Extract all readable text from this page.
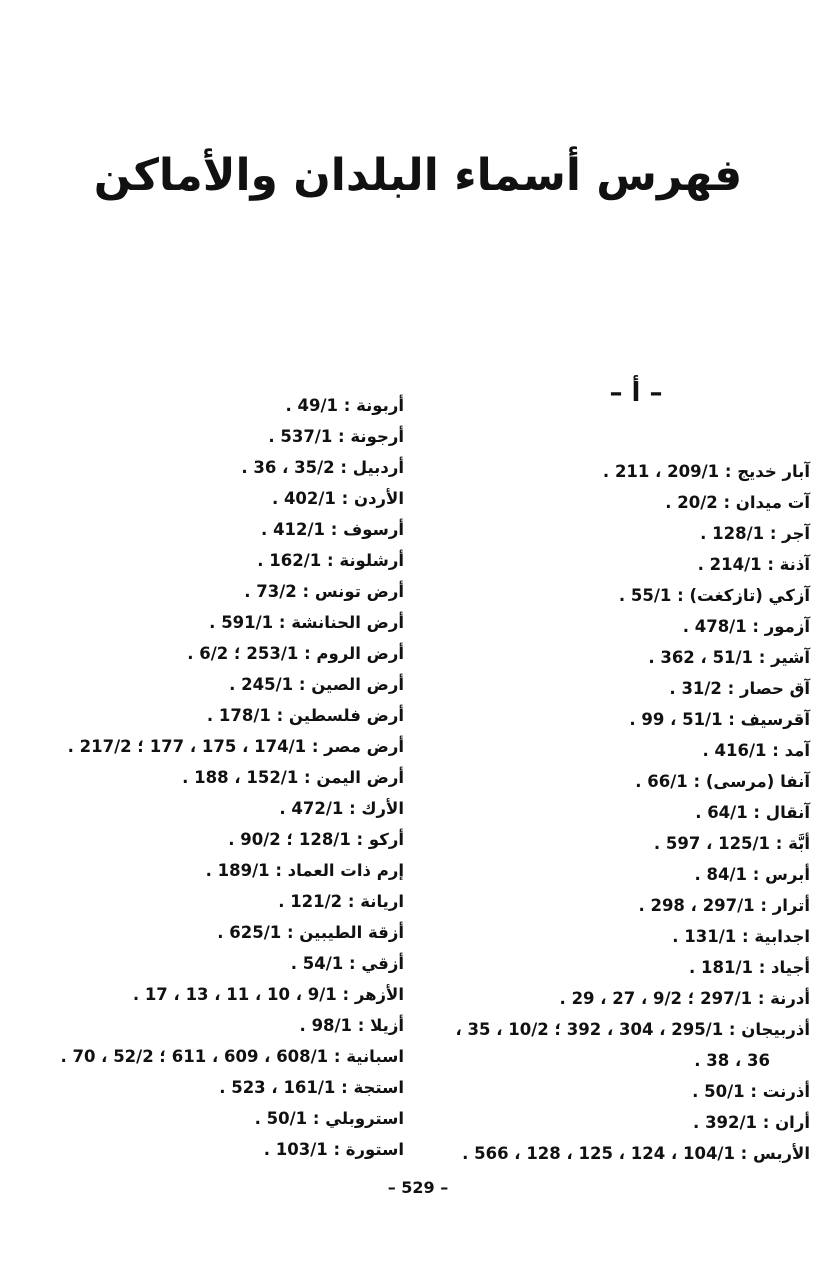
فهرس أسماء البلدان والأماكن
– أ –
آبار خديج : 209/1 ، 211 .
آت ميدان : 20/2 .
آجر : 128/1 .
آذنة : 214/1 .
آزكي (تازكغت) : 55/1 .
آزمور : 478/1 .
آشير : 51/1 ، 362 .
آق حصار : 31/2 .
آقرسيف : 51/1 ، 99 .
آمد : 416/1 .
آنفا (مرسى) : 66/1 .
آنقال : 64/1 .
أبَّة : 125/1 ، 597 .
أبرس : 84/1 .
أترار : 297/1 ، 298 .
اجدابية : 131/1 .
أجياد : 181/1 .
أدرنة : 297/1 ؛ 9/2 ، 27 ، 29 .
أذربيجان : 295/1 ، 304 ، 392 ؛ 10/2 ، 35 ،
36 ، 38 .
أذرنت : 50/1 .
أران : 392/1 .
الأربس : 104/1 ، 124 ، 125 ، 128 ، 566 .
أربونة : 49/1 .
أرجونة : 537/1 .
أردبيل : 35/2 ، 36 .
الأردن : 402/1 .
أرسوف : 412/1 .
أرشلونة : 162/1 .
أرض تونس : 73/2 .
أرض الحنانشة : 591/1 .
أرض الروم : 253/1 ؛ 6/2 .
أرض الصين : 245/1 .
أرض فلسطين : 178/1 .
أرض مصر : 174/1 ، 175 ، 177 ؛ 217/2 .
أرض اليمن : 152/1 ، 188 .
الأرك : 472/1 .
أركو : 128/1 ؛ 90/2 .
إرم ذات العماد : 189/1 .
اريانة : 121/2 .
أزقة الطيبين : 625/1 .
أزقي : 54/1 .
الأزهر : 9/1 ، 10 ، 11 ، 13 ، 17 .
أزيلا : 98/1 .
اسبانية : 608/1 ، 609 ، 611 ؛ 52/2 ، 70 .
استجة : 161/1 ، 523 .
استروبلي : 50/1 .
استورة : 103/1 .
– 529 –
